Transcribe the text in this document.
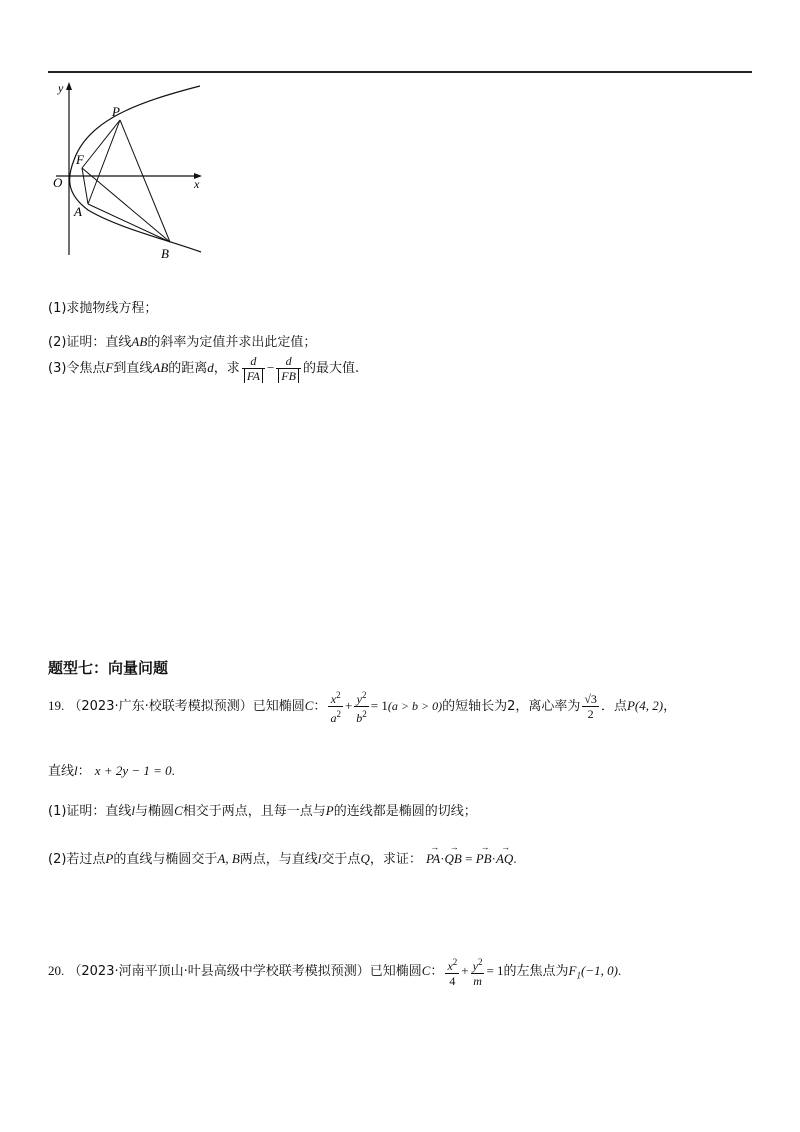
y
x
O
F
P
A
B
(1)求抛物线方程；
(2)证明：直线AB的斜率为定值并求出此定值；
(3)令焦点F到直线AB的距离d，求 $\frac{d}{FA} - \frac{d}{FB}$ 的最大值.
题型七：向量问题
19. （2023·广东·校联考模拟预测）已知椭圆C： $\frac{x^2}{a^2} + \frac{y^2}{b^2} = 1(a > b > 0)$的短轴长为2，离心率为 $\frac{√3}{2}$ ．点P(4, 2)，
直线l： x + 2y − 1 = 0.
(1)证明：直线l与椭圆C相交于两点，且每一点与P的连线都是椭圆的切线；
(2)若过点P的直线与椭圆交于A, B两点，与直线l交于点Q，求证： PA →·QB → = PB →·AQ →.
20. （2023·河南平顶山·叶县高级中学校联考模拟预测）已知椭圆C： $\frac{x^2}{4} + \frac{y^2}{m} = 1$的左焦点为$F_1(-1$, 0).
